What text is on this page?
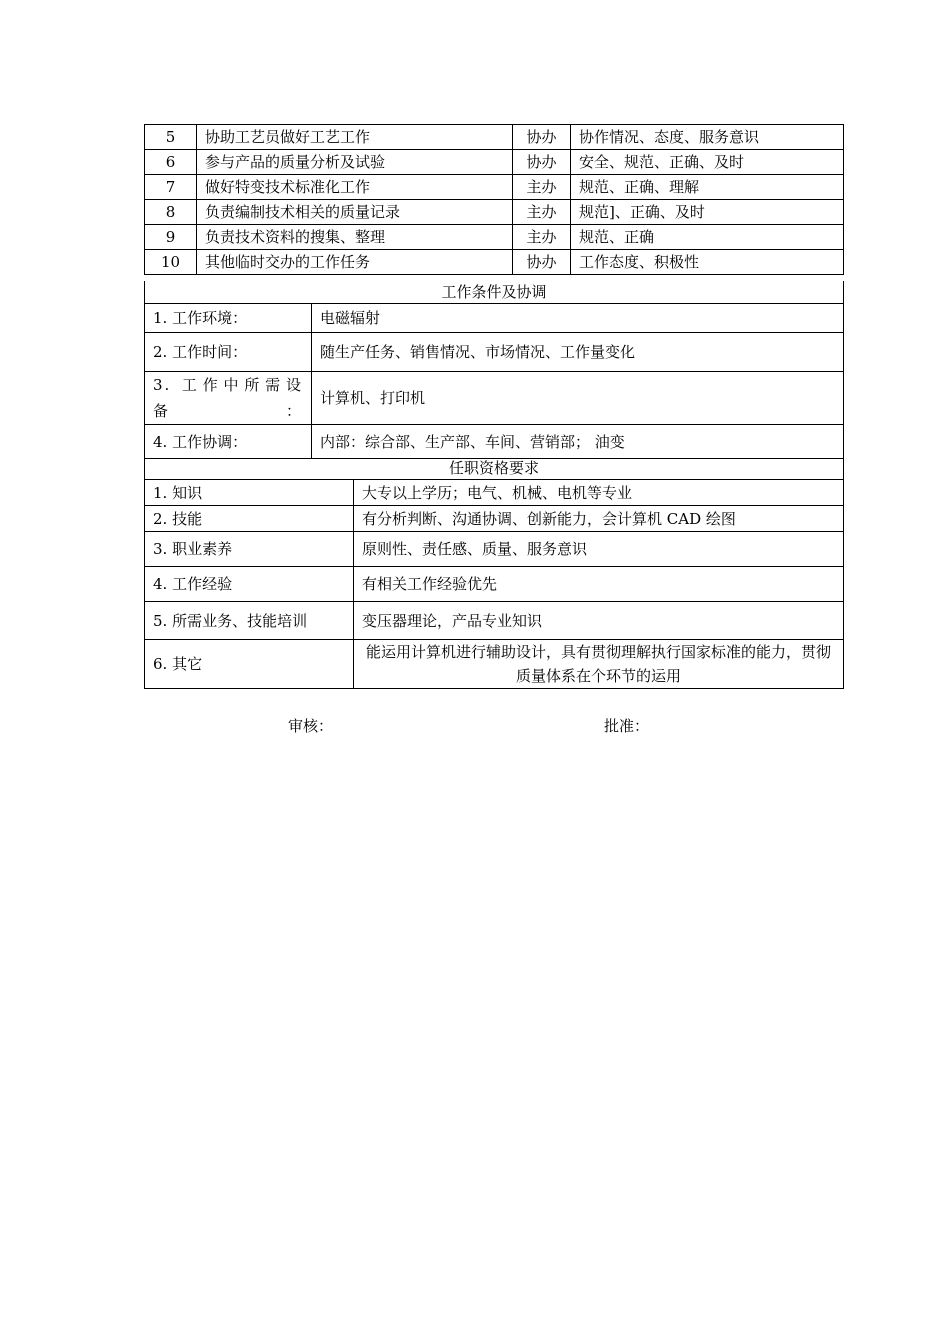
5	协助工艺员做好工艺工作	协办	协作情况、态度、服务意识
6	参与产品的质量分析及试验	协办	安全、规范、正确、及时
7	做好特变技术标准化工作	主办	规范、正确、理解
8	负责编制技术相关的质量记录	主办	规范]、正确、及时
9	负责技术资料的搜集、整理	主办	规范、正确
10	其他临时交办的工作任务	协办	工作态度、积极性
工作条件及协调	
1. 工作环境：	电磁辐射
2. 工作时间：	随生产任务、销售情况、市场情况、工作量变化
3. 工作中所需设备：	计算机、打印机
4. 工作协调：	内部：综合部、生产部、车间、营销部； 油变
任职资格要求	
1. 知识	大专以上学历；电气、机械、电机等专业
2. 技能	有分析判断、沟通协调、创新能力，会计算机 CAD 绘图
3. 职业素养	原则性、责任感、质量、服务意识
4. 工作经验	有相关工作经验优先
5. 所需业务、技能培训	变压器理论，产品专业知识
6. 其它	能运用计算机进行辅助设计，具有贯彻理解执行国家标准的能力，贯彻质量体系在个环节的运用
审核：	批准：
